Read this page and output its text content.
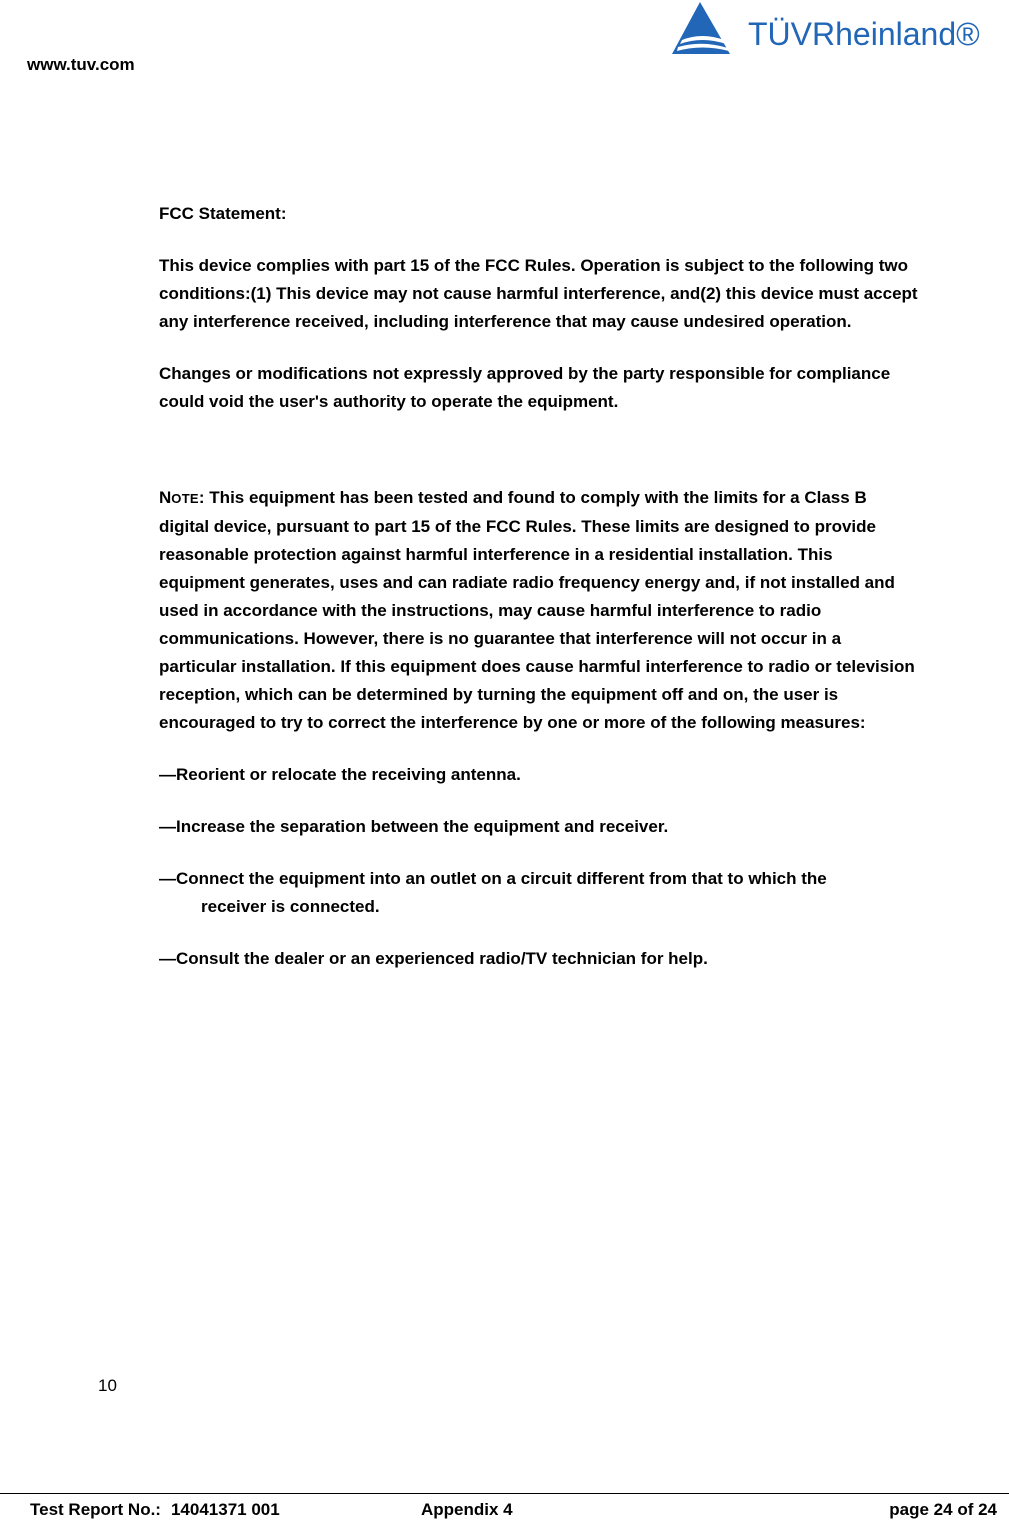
www.tuv.com
TÜVRheinland®

FCC Statement:

This device complies with part 15 of the FCC Rules. Operation is subject to the following two conditions:(1) This device may not cause harmful interference, and(2) this device must accept any interference received, including interference that may cause undesired operation.

Changes or modifications not expressly approved by the party responsible for compliance could void the user's authority to operate the equipment.

NOTE: This equipment has been tested and found to comply with the limits for a Class B digital device, pursuant to part 15 of the FCC Rules. These limits are designed to provide reasonable protection against harmful interference in a residential installation. This equipment generates, uses and can radiate radio frequency energy and, if not installed and used in accordance with the instructions, may cause harmful interference to radio communications. However, there is no guarantee that interference will not occur in a particular installation. If this equipment does cause harmful interference to radio or television reception, which can be determined by turning the equipment off and on, the user is encouraged to try to correct the interference by one or more of the following measures:

—Reorient or relocate the receiving antenna.

—Increase the separation between the equipment and receiver.

—Connect the equipment into an outlet on a circuit different from that to which the
receiver is connected.

—Consult the dealer or an experienced radio/TV technician for help.

10
Test Report No.: 14041371 001	Appendix 4	page 24 of 24
